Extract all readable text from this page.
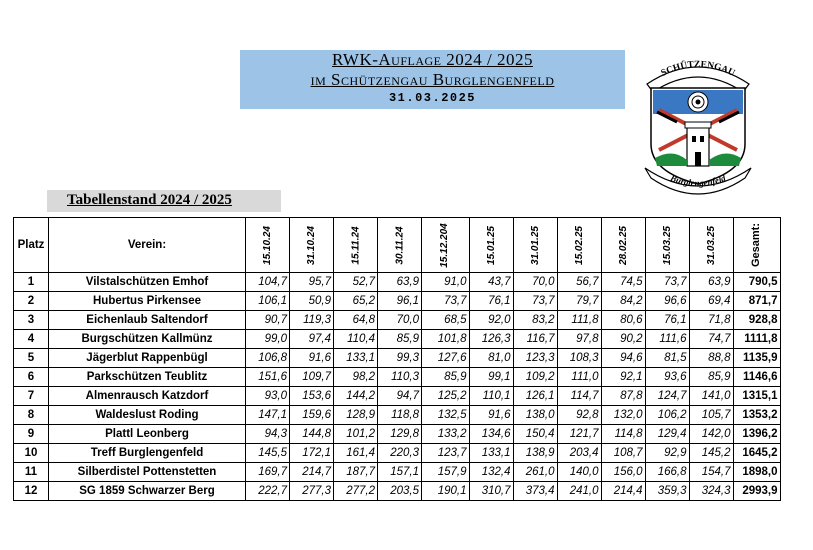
RWK-Auflage 2024 / 2025
im Schützengau Burglengenfeld
31.03.2025
SCHÜTZENGAU
Burglengenfeld
Tabellenstand 2024 / 2025
Platz	Verein:	15.10.24	31.10.24	15.11.24	30.11.24	15.12.204	15.01.25	31.01.25	15.02.25	28.02.25	15.03.25	31.03.25	Gesamt:
1	Vilstalschützen Emhof	104,7	95,7	52,7	63,9	91,0	43,7	70,0	56,7	74,5	73,7	63,9	790,5
2	Hubertus Pirkensee	106,1	50,9	65,2	96,1	73,7	76,1	73,7	79,7	84,2	96,6	69,4	871,7
3	Eichenlaub Saltendorf	90,7	119,3	64,8	70,0	68,5	92,0	83,2	111,8	80,6	76,1	71,8	928,8
4	Burgschützen Kallmünz	99,0	97,4	110,4	85,9	101,8	126,3	116,7	97,8	90,2	111,6	74,7	1111,8
5	Jägerblut Rappenbügl	106,8	91,6	133,1	99,3	127,6	81,0	123,3	108,3	94,6	81,5	88,8	1135,9
6	Parkschützen Teublitz	151,6	109,7	98,2	110,3	85,9	99,1	109,2	111,0	92,1	93,6	85,9	1146,6
7	Almenrausch Katzdorf	93,0	153,6	144,2	94,7	125,2	110,1	126,1	114,7	87,8	124,7	141,0	1315,1
8	Waldeslust Roding	147,1	159,6	128,9	118,8	132,5	91,6	138,0	92,8	132,0	106,2	105,7	1353,2
9	Plattl Leonberg	94,3	144,8	101,2	129,8	133,2	134,6	150,4	121,7	114,8	129,4	142,0	1396,2
10	Treff Burglengenfeld	145,5	172,1	161,4	220,3	123,7	133,1	138,9	203,4	108,7	92,9	145,2	1645,2
11	Silberdistel Pottenstetten	169,7	214,7	187,7	157,1	157,9	132,4	261,0	140,0	156,0	166,8	154,7	1898,0
12	SG 1859 Schwarzer Berg	222,7	277,3	277,2	203,5	190,1	310,7	373,4	241,0	214,4	359,3	324,3	2993,9
